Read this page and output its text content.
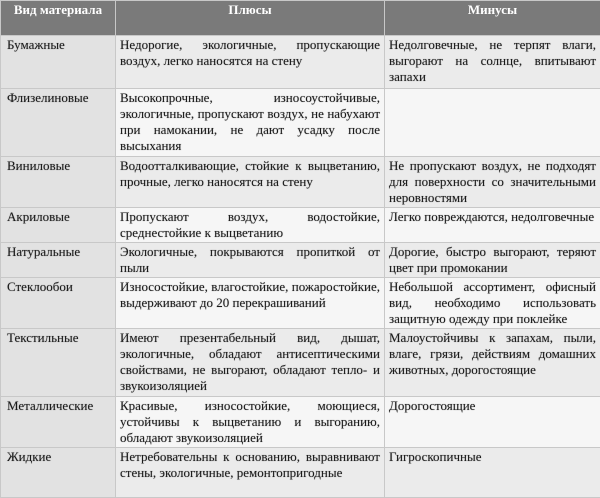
Вид материала	Плюсы	Минусы
Бумажные	Недорогие, экологичные, пропускающие воздух, легко наносятся на стену	Недолговечные, не терпят влаги, выгорают на солнце, впитывают запахи
Флизелиновые	Высокопрочные, износоустойчивые, экологичные, пропускают воздух, не набухают при намокании, не дают усадку после высыхания	
Виниловые	Водоотталкивающие, стойкие к выцветанию, прочные, легко наносятся на стену	Не пропускают воздух, не подходят для поверхности со значительными неровностями
Акриловые	Пропускают воздух, водостойкие, среднестойкие к выцветанию	Легко повреждаются, недолговечные
Натуральные	Экологичные, покрываются пропиткой от пыли	Дорогие, быстро выгорают, теряют цвет при промокании
Стеклообои	Износостойкие, влагостойкие, пожаростойкие, выдерживают до 20 перекрашиваний	Небольшой ассортимент, офисный вид, необходимо использовать защитную одежду при поклейке
Текстильные	Имеют презентабельный вид, дышат, экологичные, обладают антисептическими свойствами, не выгорают, обладают тепло- и звукоизоляцией	Малоустойчивы к запахам, пыли, влаге, грязи, действиям домашних животных, дорогостоящие
Металлические	Красивые, износостойкие, моющиеся, устойчивы к выцветанию и выгоранию, обладают звукоизоляцией	Дорогостоящие
Жидкие	Нетребовательны к основанию, выравнивают стены, экологичные, ремонтопригодные	Гигроскопичные
